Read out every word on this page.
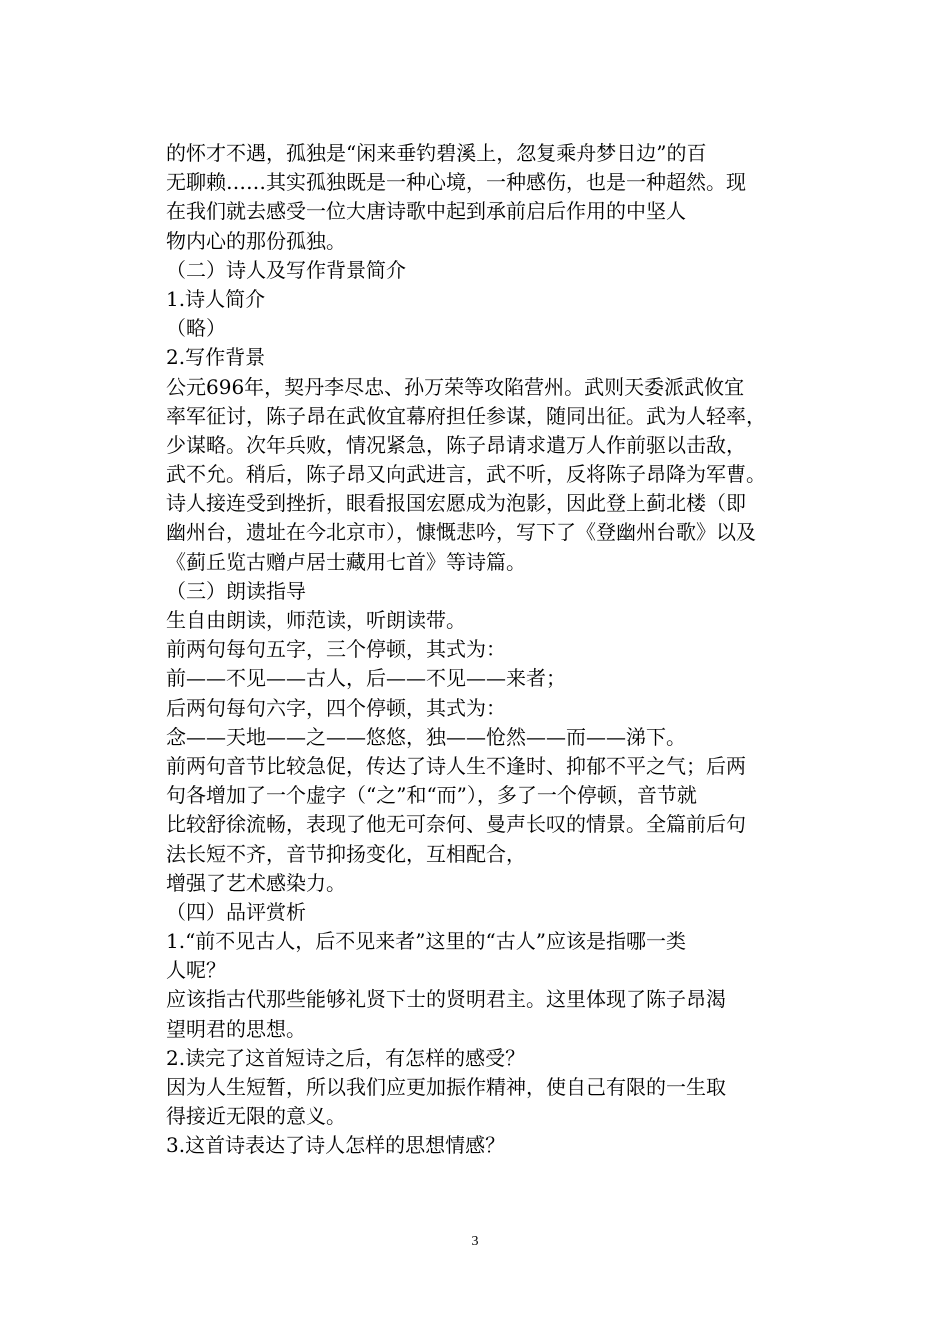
的怀才不遇，孤独是“闲来垂钓碧溪上，忽复乘舟梦日边”的百
无聊赖……其实孤独既是一种心境，一种感伤，也是一种超然。现
在我们就去感受一位大唐诗歌中起到承前启后作用的中坚人
物内心的那份孤独。
（二）诗人及写作背景简介
1.诗人简介
（略）
2.写作背景
公元696年，契丹李尽忠、孙万荣等攻陷营州。武则天委派武攸宜
率军征讨，陈子昂在武攸宜幕府担任参谋，随同出征。武为人轻率，
少谋略。次年兵败，情况紧急，陈子昂请求遣万人作前驱以击敌，
武不允。稍后，陈子昂又向武进言，武不听，反将陈子昂降为军曹。
诗人接连受到挫折，眼看报国宏愿成为泡影，因此登上蓟北楼（即
幽州台，遗址在今北京市），慷慨悲吟，写下了《登幽州台歌》以及
《蓟丘览古赠卢居士藏用七首》等诗篇。
（三）朗读指导
生自由朗读，师范读，听朗读带。
前两句每句五字，三个停顿，其式为：
前——不见——古人，后——不见——来者；
后两句每句六字，四个停顿，其式为：
念——天地——之——悠悠，独——怆然——而——涕下。
前两句音节比较急促，传达了诗人生不逢时、抑郁不平之气；后两
句各增加了一个虚字（“之”和“而”），多了一个停顿，音节就
比较舒徐流畅，表现了他无可奈何、曼声长叹的情景。全篇前后句
法长短不齐，音节抑扬变化，互相配合，
增强了艺术感染力。
（四）品评赏析
1.“前不见古人，后不见来者”这里的“古人”应该是指哪一类
人呢？
应该指古代那些能够礼贤下士的贤明君主。这里体现了陈子昂渴
望明君的思想。
2.读完了这首短诗之后，有怎样的感受？
因为人生短暂，所以我们应更加振作精神，使自己有限的一生取
得接近无限的意义。
3.这首诗表达了诗人怎样的思想情感？
3
